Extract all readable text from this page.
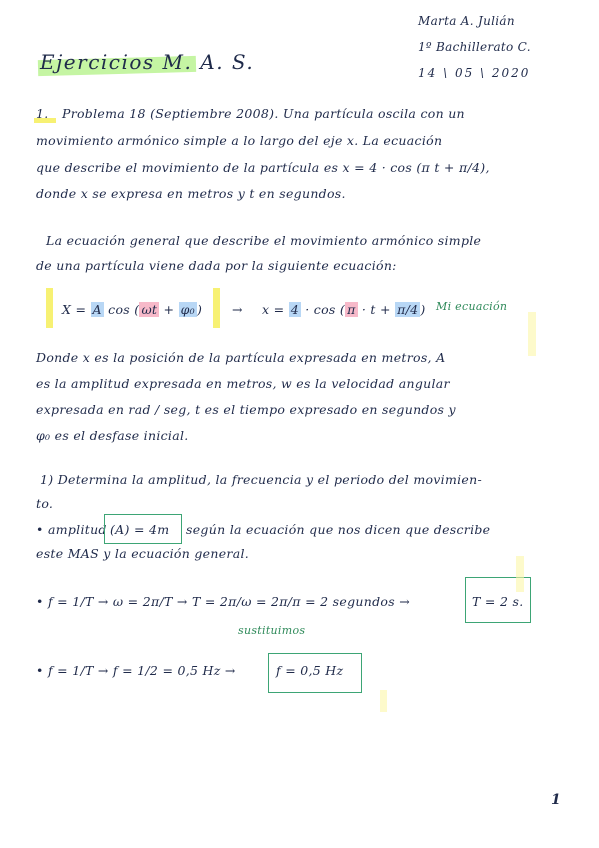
Marta A. Julián
1º Bachillerato C.
14 \ 05 \ 2020
Ejercicios M. A. S.
1. Problema 18 (Septiembre 2008). Una partícula oscila con un
movimiento armónico simple a lo largo del eje x. La ecuación
que describe el movimiento de la partícula es x = 4 · cos (π t + π/4),
donde x se expresa en metros y t en segundos.
La ecuación general que describe el movimiento armónico simple
de una partícula viene dada por la siguiente ecuación:
X = A cos ( ωt + φ₀ ) → x = 4 · cos ( π · t + π/4 ) Mi ecuación
Donde x es la posición de la partícula expresada en metros, A
es la amplitud expresada en metros, w es la velocidad angular
expresada en rad / seg, t es el tiempo expresado en segundos y
φ₀ es el desfase inicial.
1) Determina la amplitud, la frecuencia y el periodo del movimien-
to.
• amplitud (A) = 4m según la ecuación que nos dicen que describe
este MAS y la ecuación general.
• f = 1/T → ω = 2π/T → T = 2π/ω = 2π/π = 2 segundos →	T = 2 s.
sustituimos
• f = 1/T → f = 1/2 = 0,5 Hz →	f = 0,5 Hz
1
